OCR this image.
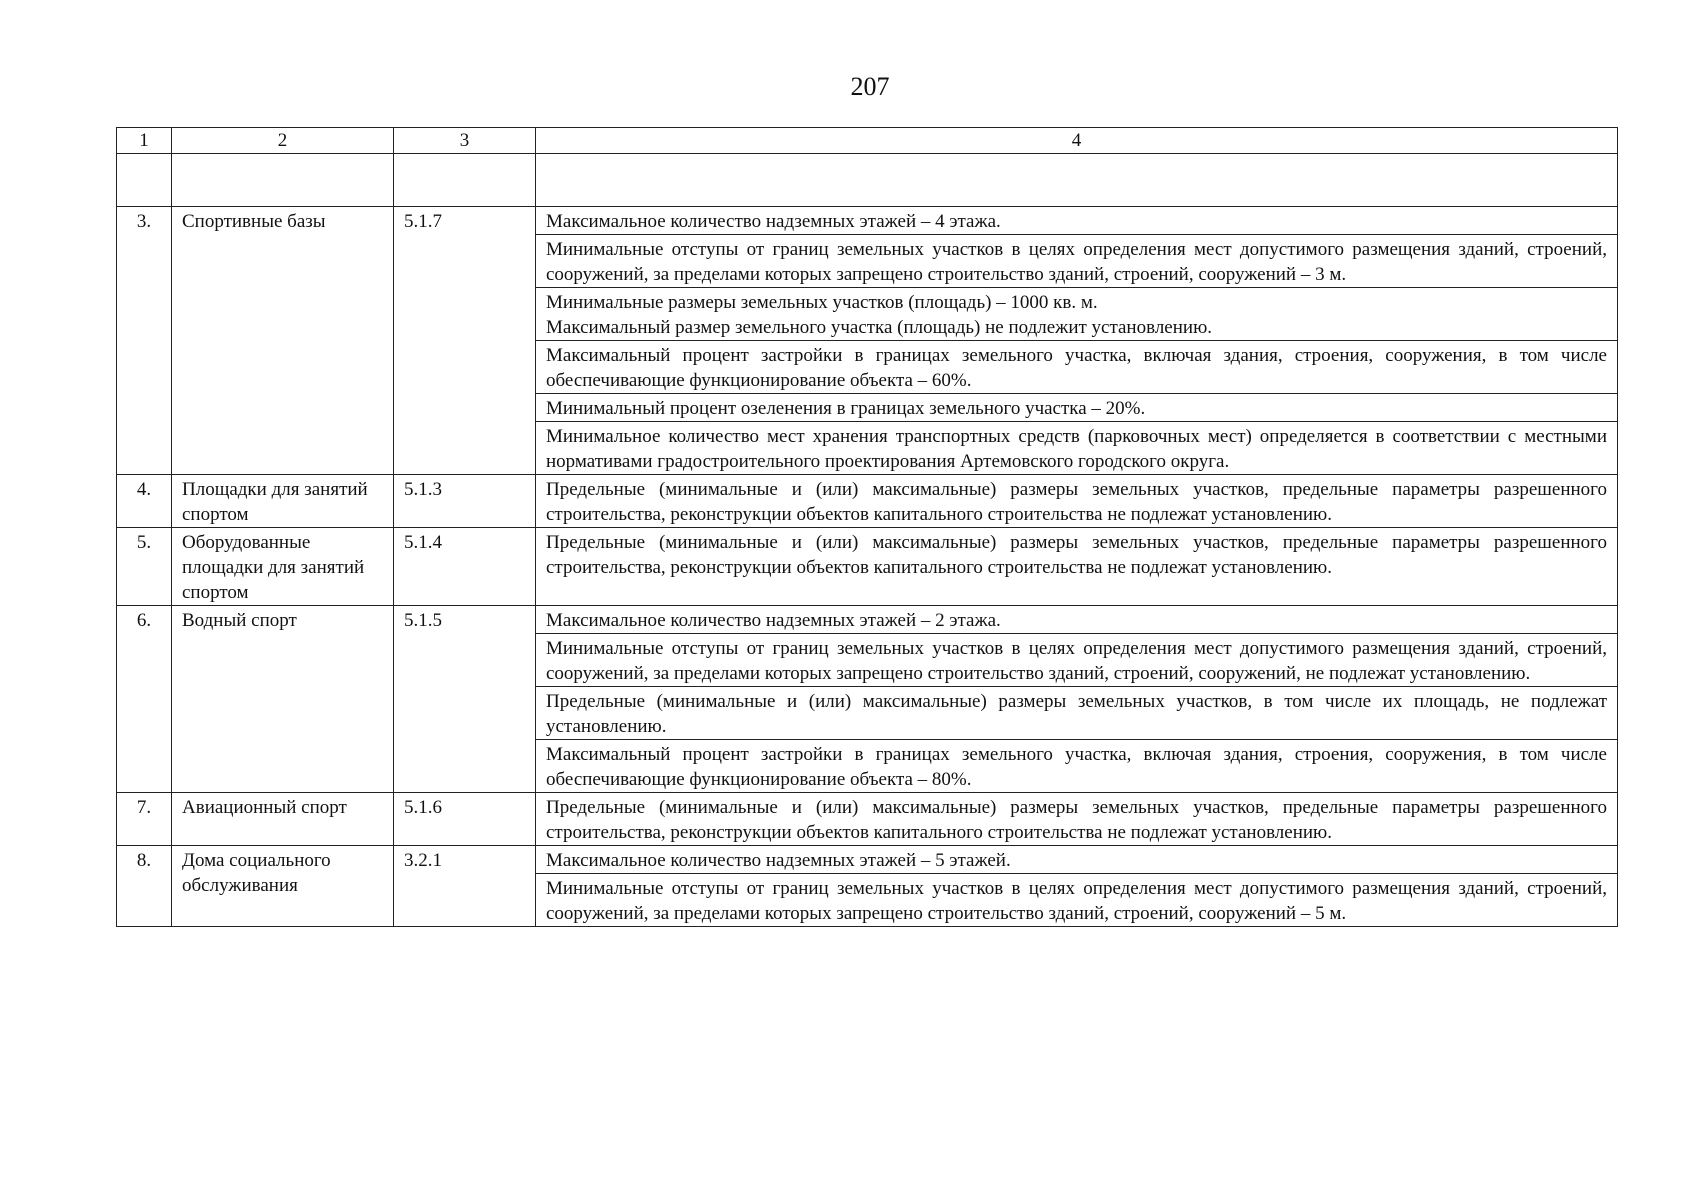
207
1	2	3	4

3.	Спортивные базы	5.1.7	Максимальное количество надземных этажей – 4 этажа.

			Минимальные отступы от границ земельных участков в целях определения мест допустимого размещения зданий, строений, сооружений, за пределами которых запрещено строительство зданий, строений, сооружений – 3 м.

			Минимальные размеры земельных участков (площадь) – 1000 кв. м.
Максимальный размер земельного участка (площадь) не подлежит установлению.

			Максимальный процент застройки в границах земельного участка, включая здания, строения, сооружения, в том числе обеспечивающие функционирование объекта – 60%.

			Минимальный процент озеленения в границах земельного участка – 20%.

			Минимальное количество мест хранения транспортных средств (парковочных мест) определяется в соответствии с местными нормативами градостроительного проектирования Артемовского городского округа.

4.	Площадки для занятий спортом	5.1.3	Предельные (минимальные и (или) максимальные) размеры земельных участков, предельные параметры разрешенного строительства, реконструкции объектов капитального строительства не подлежат установлению.

5.	Оборудованные площадки для занятий спортом	5.1.4	Предельные (минимальные и (или) максимальные) размеры земельных участков, предельные параметры разрешенного строительства, реконструкции объектов капитального строительства не подлежат установлению.

6.	Водный спорт	5.1.5	Максимальное количество надземных этажей – 2 этажа.

			Минимальные отступы от границ земельных участков в целях определения мест допустимого размещения зданий, строений, сооружений, за пределами которых запрещено строительство зданий, строений, сооружений, не подлежат установлению.

			Предельные (минимальные и (или) максимальные) размеры земельных участков, в том числе их площадь, не подлежат установлению.

			Максимальный процент застройки в границах земельного участка, включая здания, строения, сооружения, в том числе обеспечивающие функционирование объекта – 80%.

7.	Авиационный спорт	5.1.6	Предельные (минимальные и (или) максимальные) размеры земельных участков, предельные параметры разрешенного строительства, реконструкции объектов капитального строительства не подлежат установлению.

8.	Дома социального обслуживания	3.2.1	Максимальное количество надземных этажей – 5 этажей.

			Минимальные отступы от границ земельных участков в целях определения мест допустимого размещения зданий, строений, сооружений, за пределами которых запрещено строительство зданий, строений, сооружений – 5 м.
